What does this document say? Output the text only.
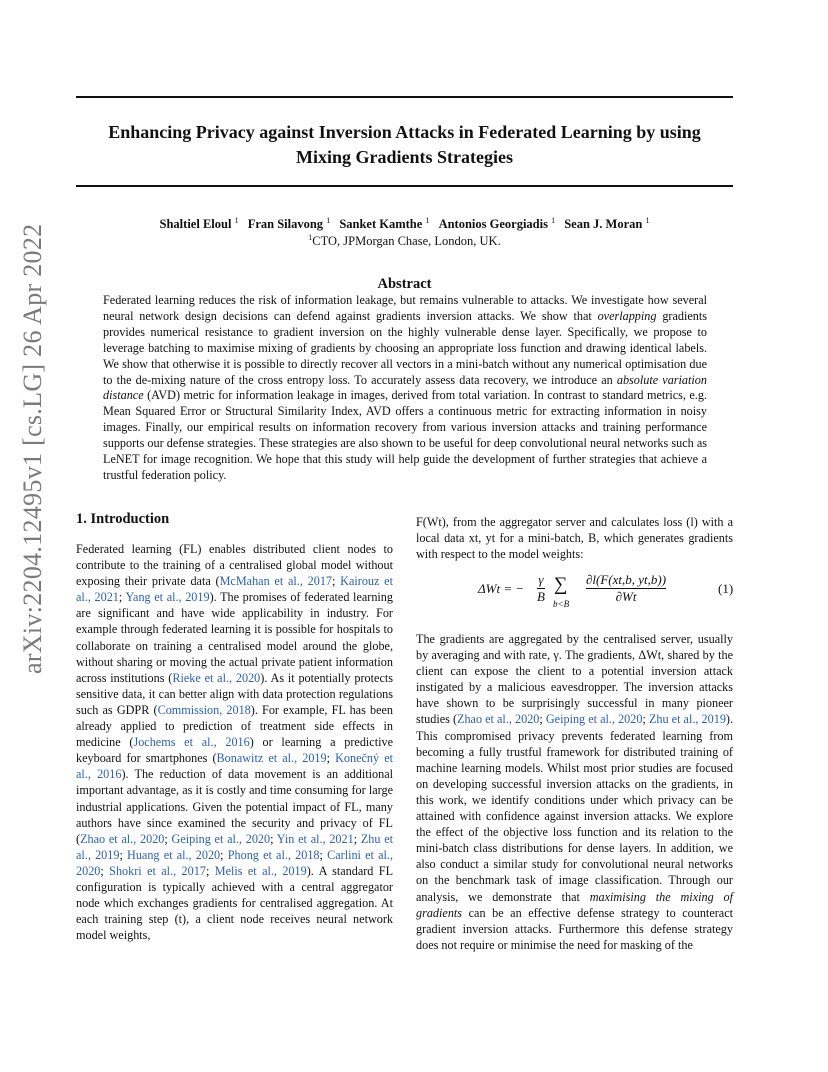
arXiv:2204.12495v1 [cs.LG] 26 Apr 2022
Enhancing Privacy against Inversion Attacks in Federated Learning by using
Mixing Gradients Strategies
Shaltiel Eloul $^1$ Fran Silavong $^1$ Sanket Kamthe $^1$ Antonios Georgiadis $^1$ Sean J. Moran $^1$
$^1$CTO, JPMorgan Chase, London, UK.
Abstract
Federated learning reduces the risk of information leakage, but remains vulnerable to attacks. We investigate how several neural network design decisions can defend against gradients inversion attacks. We show that overlapping gradients provides numerical resistance to gradient inversion on the highly vulnerable dense layer. Specifically, we propose to leverage batching to maximise mixing of gradients by choosing an appropriate loss function and drawing identical labels. We show that otherwise it is possible to directly recover all vectors in a mini-batch without any numerical optimisation due to the de-mixing nature of the cross entropy loss. To accurately assess data recovery, we introduce an absolute variation distance (AVD) metric for information leakage in images, derived from total variation. In contrast to standard metrics, e.g. Mean Squared Error or Structural Similarity Index, AVD offers a continuous metric for extracting information in noisy images. Finally, our empirical results on information recovery from various inversion attacks and training performance supports our defense strategies. These strategies are also shown to be useful for deep convolutional neural networks such as LeNET for image recognition. We hope that this study will help guide the development of further strategies that achieve a trustful federation policy.
1. Introduction
Federated learning (FL) enables distributed client nodes to contribute to the training of a centralised global model without exposing their private data (McMahan et al., 2017; Kairouz et al., 2021; Yang et al., 2019). The promises of federated learning are significant and have wide applicability in industry. For example through federated learning it is possible for hospitals to collaborate on training a centralised model around the globe, without sharing or moving the actual private patient information across institutions (Rieke et al., 2020). As it potentially protects sensitive data, it can better align with data protection regulations such as GDPR (Commission, 2018). For example, FL has been already applied to prediction of treatment side effects in medicine (Jochems et al., 2016) or learning a predictive keyboard for smartphones (Bonawitz et al., 2019; Konečný et al., 2016). The reduction of data movement is an additional important advantage, as it is costly and time consuming for large industrial applications. Given the potential impact of FL, many authors have since examined the security and privacy of FL (Zhao et al., 2020; Geiping et al., 2020; Yin et al., 2021; Zhu et al., 2019; Huang et al., 2020; Phong et al., 2018; Carlini et al., 2020; Shokri et al., 2017; Melis et al., 2019). A standard FL configuration is typically achieved with a central aggregator node which exchanges gradients for centralised aggregation. At each training step (t), a client node receives neural network model weights,
F(Wt), from the aggregator server and calculates loss (l) with a local data xt, yt for a mini-batch, B, which generates gradients with respect to the model weights:
ΔWt = −
γ
B
∑
b<B
∂l(F(xt,b, yt,b))
∂Wt
(1)
The gradients are aggregated by the centralised server, usually by averaging and with rate, γ. The gradients, ΔWt, shared by the client can expose the client to a potential inversion attack instigated by a malicious eavesdropper. The inversion attacks have shown to be surprisingly successful in many pioneer studies (Zhao et al., 2020; Geiping et al., 2020; Zhu et al., 2019). This compromised privacy prevents federated learning from becoming a fully trustful framework for distributed training of machine learning models. Whilst most prior studies are focused on developing successful inversion attacks on the gradients, in this work, we identify conditions under which privacy can be attained with confidence against inversion attacks. We explore the effect of the objective loss function and its relation to the mini-batch class distributions for dense layers. In addition, we also conduct a similar study for convolutional neural networks on the benchmark task of image classification. Through our analysis, we demonstrate that maximising the mixing of gradients can be an effective defense strategy to counteract gradient inversion attacks. Furthermore this defense strategy does not require or minimise the need for masking of the
